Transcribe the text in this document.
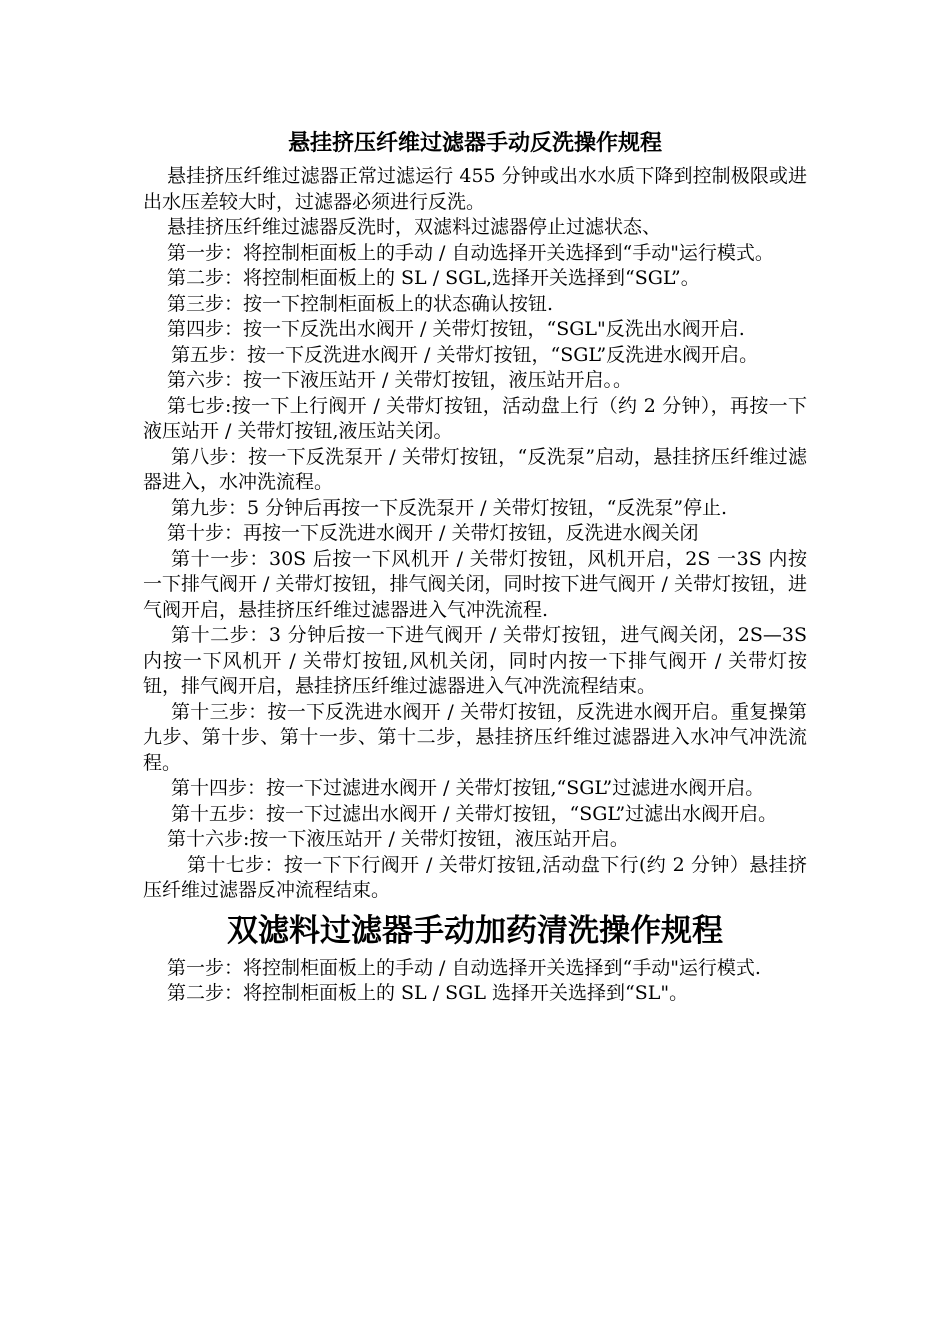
悬挂挤压纤维过滤器手动反洗操作规程

悬挂挤压纤维过滤器正常过滤运行 455 分钟或出水水质下降到控制极限或进出水压差较大时，过滤器必须进行反洗。

悬挂挤压纤维过滤器反洗时，双滤料过滤器停止过滤状态、

第一步：将控制柜面板上的手动 / 自动选择开关选择到“手动"运行模式。

第二步：将控制柜面板上的 SL / SGL,选择开关选择到“SGL”。

第三步：按一下控制柜面板上的状态确认按钮.

第四步：按一下反洗出水阀开 / 关带灯按钮，“SGL"反洗出水阀开启.

第五步：按一下反洗进水阀开 / 关带灯按钮，“SGL”反洗进水阀开启。

第六步：按一下液压站开 / 关带灯按钮，液压站开启。。

第七步:按一下上行阀开 / 关带灯按钮，活动盘上行（约 2 分钟），再按一下液压站开 / 关带灯按钮,液压站关闭。

第八步：按一下反洗泵开 / 关带灯按钮，“反洗泵”启动，悬挂挤压纤维过滤器进入，水冲洗流程。

第九步：5 分钟后再按一下反洗泵开 / 关带灯按钮，“反洗泵”停止.

第十步：再按一下反洗进水阀开 / 关带灯按钮，反洗进水阀关闭

第十一步：30S 后按一下风机开 / 关带灯按钮，风机开启，2S 一3S 内按一下排气阀开 / 关带灯按钮，排气阀关闭，同时按下进气阀开 / 关带灯按钮，进气阀开启，悬挂挤压纤维过滤器进入气冲洗流程.

第十二步：3 分钟后按一下进气阀开 / 关带灯按钮，进气阀关闭，2S—3S 内按一下风机开 / 关带灯按钮,风机关闭，同时内按一下排气阀开 / 关带灯按钮，排气阀开启，悬挂挤压纤维过滤器进入气冲洗流程结束。

第十三步：按一下反洗进水阀开 / 关带灯按钮，反洗进水阀开启。重复操第九步、第十步、第十一步、第十二步，悬挂挤压纤维过滤器进入水冲气冲洗流程。

第十四步：按一下过滤进水阀开 / 关带灯按钮,“SGL”过滤进水阀开启。

第十五步：按一下过滤出水阀开 / 关带灯按钮，“SGL”过滤出水阀开启。

第十六步:按一下液压站开 / 关带灯按钮，液压站开启。

第十七步：按一下下行阀开 / 关带灯按钮,活动盘下行(约 2 分钟）悬挂挤压纤维过滤器反冲流程结束。

双滤料过滤器手动加药清洗操作规程

第一步：将控制柜面板上的手动 / 自动选择开关选择到“手动"运行模式.

第二步：将控制柜面板上的 SL / SGL 选择开关选择到“SL"。
